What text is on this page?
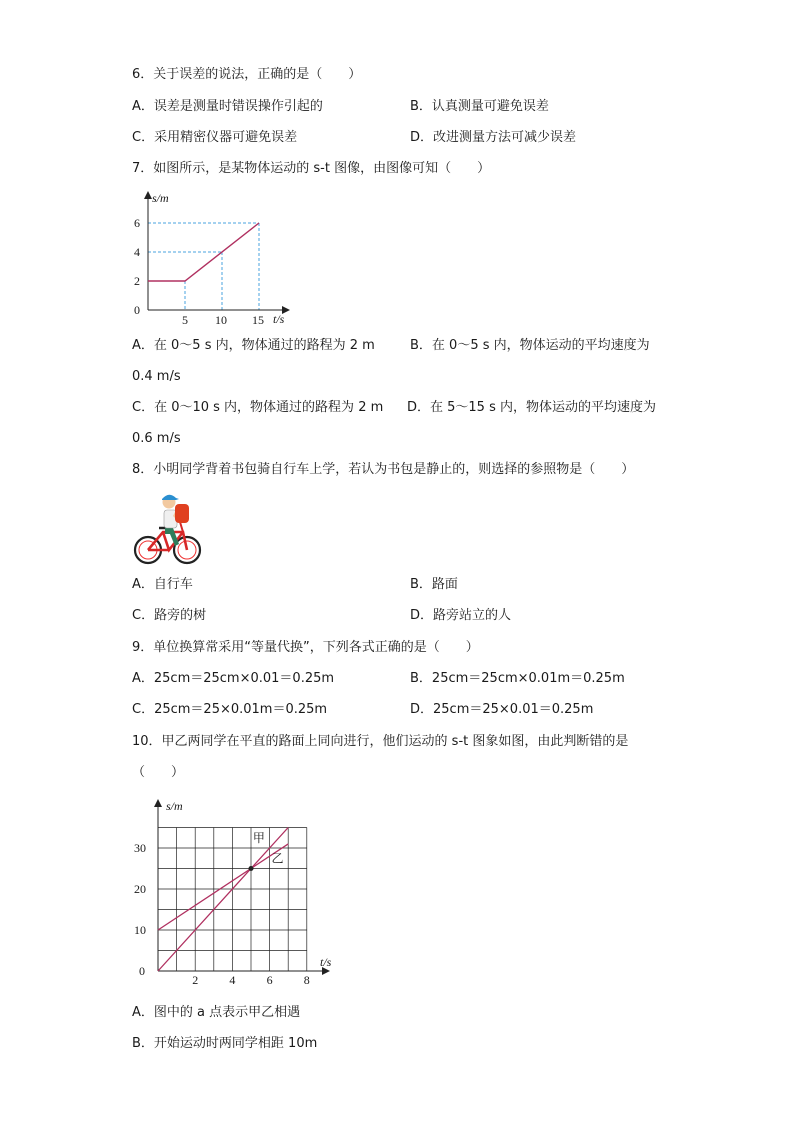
6．关于误差的说法，正确的是（　　）
A．误差是测量时错误操作引起的	B．认真测量可避免误差
C．采用精密仪器可避免误差	D．改进测量方法可减少误差
7．如图所示，是某物体运动的 s-t 图像，由图像可知（　　）
s/m
t/s
0
2
4
6
5 10 15
A．在 0～5 s 内，物体通过的路程为 2 m	B．在 0～5 s 内，物体运动的平均速度为
0.4 m/s
C．在 0～10 s 内，物体通过的路程为 2 m D．在 5～15 s 内，物体运动的平均速度为
0.6 m/s
8．小明同学背着书包骑自行车上学，若认为书包是静止的，则选择的参照物是（　　）
A．自行车	B．路面
C．路旁的树	D．路旁站立的人
9．单位换算常采用“等量代换”，下列各式正确的是（　　）
A．25cm＝25cm×0.01＝0.25m	B．25cm＝25cm×0.01m＝0.25m
C．25cm＝25×0.01m＝0.25m	D．25cm＝25×0.01＝0.25m
10．甲乙两同学在平直的路面上同向进行，他们运动的 s-t 图象如图，由此判断错的是
（　　）
甲
乙
s/m
t/s
0
10
20
30
2	4	6	8
A．图中的 a 点表示甲乙相遇
B．开始运动时两同学相距 10m
